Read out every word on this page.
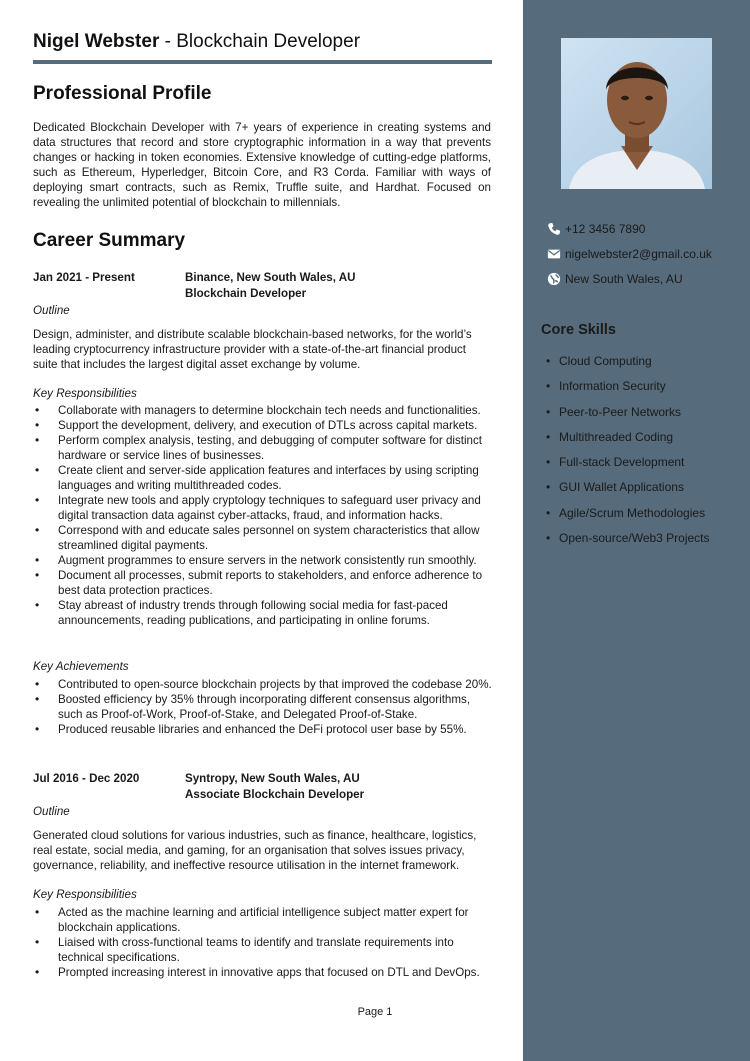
Nigel Webster - Blockchain Developer
Professional Profile
Dedicated Blockchain Developer with 7+ years of experience in creating systems and data structures that record and store cryptographic information in a way that prevents changes or hacking in token economies. Extensive knowledge of cutting-edge platforms, such as Ethereum, Hyperledger, Bitcoin Core, and R3 Corda. Familiar with ways of deploying smart contracts, such as Remix, Truffle suite, and Hardhat. Focused on revealing the unlimited potential of blockchain to millennials.
Career Summary
Jan 2021 - Present	Binance, New South Wales, AU
Blockchain Developer
Outline
Design, administer, and distribute scalable blockchain-based networks, for the world’s leading cryptocurrency infrastructure provider with a state-of-the-art financial product suite that includes the largest digital asset exchange by volume.
Key Responsibilities
• Collaborate with managers to determine blockchain tech needs and functionalities.
• Support the development, delivery, and execution of DTLs across capital markets.
• Perform complex analysis, testing, and debugging of computer software for distinct hardware or service lines of businesses.
• Create client and server-side application features and interfaces by using scripting languages and writing multithreaded codes.
• Integrate new tools and apply cryptology techniques to safeguard user privacy and digital transaction data against cyber-attacks, fraud, and information hacks.
• Correspond with and educate sales personnel on system characteristics that allow streamlined digital payments.
• Augment programmes to ensure servers in the network consistently run smoothly.
• Document all processes, submit reports to stakeholders, and enforce adherence to best data protection practices.
• Stay abreast of industry trends through following social media for fast-paced announcements, reading publications, and participating in online forums.
Key Achievements
• Contributed to open-source blockchain projects by that improved the codebase 20%.
• Boosted efficiency by 35% through incorporating different consensus algorithms, such as Proof-of-Work, Proof-of-Stake, and Delegated Proof-of-Stake.
• Produced reusable libraries and enhanced the DeFi protocol user base by 55%.
Jul 2016 - Dec 2020	Syntropy, New South Wales, AU
Associate Blockchain Developer
Outline
Generated cloud solutions for various industries, such as finance, healthcare, logistics, real estate, social media, and gaming, for an organisation that solves issues privacy, governance, reliability, and ineffective resource utilisation in the internet framework.
Key Responsibilities
• Acted as the machine learning and artificial intelligence subject matter expert for blockchain applications.
• Liaised with cross-functional teams to identify and translate requirements into technical specifications.
• Prompted increasing interest in innovative apps that focused on DTL and DevOps.
Page 1
+12 3456 7890
nigelwebster2@gmail.co.uk
New South Wales, AU
Core Skills
• Cloud Computing
• Information Security
• Peer-to-Peer Networks
• Multithreaded Coding
• Full-stack Development
• GUI Wallet Applications
• Agile/Scrum Methodologies
• Open-source/Web3 Projects
